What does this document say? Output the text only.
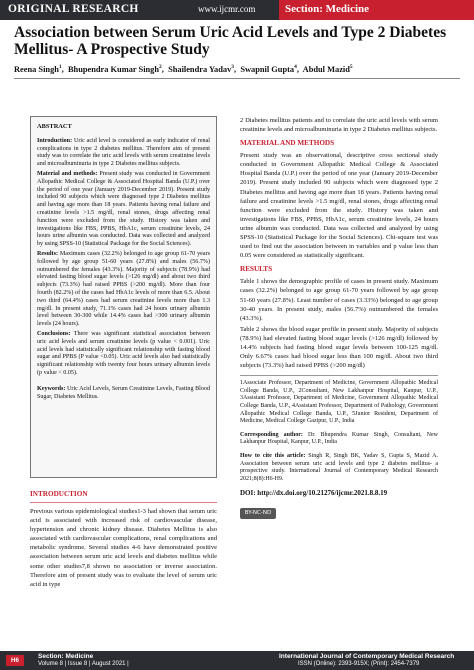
ORIGINAL RESEARCH	www.ijcmr.com	Section: Medicine
Association between Serum Uric Acid Levels and Type 2 Diabetes Mellitus- A Prospective Study
Reena Singh$^1$,  Bhupendra Kumar Singh$^2$,  Shailendra Yadav$^3$,  Swapnil Gupta$^4$,  Abdul Mazid$^5$
ABSTRACT

Introduction: Uric acid level is considered as early indicator of renal complications in type 2 diabetes mellitus. Therefore aim of present study was to correlate the uric acid levels with serum creatinine levels and microalbuminuria in type 2 Diabetes mellitus subjects.

Material and methods: Present study was conducted in Government Allopathic Medical College & Associated Hospital Banda (U.P.) over the period of one year (January 2019-December 2019). Present study included 90 subjects which were diagnosed type 2 Diabetes mellitus and having age more than 18 years. Patients having renal failure and creatinine levels >1.5 mg/dl, renal stones, drugs affecting renal function were excluded from the study. History was taken and investigations like FBS, PPBS, HbA1c, serum creatinine levels, 24 hours urine albumin was conducted. Data was collected and analyzed by using SPSS-10 (Statistical Package for the Social Sciences).

Results: Maximum cases (32.2%) belonged to age group 61-70 years followed by age group 51-60 years (27.8%) and males (56.7%) outnumbered the females (43.3%). Majority of subjects (78.9%) had elevated fasting blood sugar levels (>126 mg/dl) and about two third subjects (73.3%) had raised PPBS (>200 mg/dl). More than four fourth (82.2%) of the cases had HbA1c levels of more than 6.5. About two third (64.4%) cases had serum creatinine levels more than 1.3 mg/dl. In present study, 71.1% cases had 24 hours urinary albumin level between 30-300 while 14.4% cases had >300 urinary albumin levels (24 hours).

Conclusions: There was significant statistical association between uric acid levels and serum creatinine levels (p value < 0.001). Uric acid levels had statistically significant relationship with fasting blood sugar and PPBS (P value <0.05). Uric acid levels also had statistically significant relationship with twenty four hours urinary albumin levels (p value < 0.05).

Keywords: Uric Acid Levels, Serum Creatinine Levels, Fasting Blood Sugar, Diabetes Mellitus.

INTRODUCTION

Previous various epidemiological studies1-3 had shown that serum uric acid is associated with increased risk of cardiovascular disease, hypertension and chronic kidney disease. Diabetes Mellitus is also associated with cardiovascular complications, renal complications and metabolic syndrome. Several studies 4-6 have demonstrated positive association between serum uric acid levels and diabetes mellitus while some other studies7,8 shown no association or inverse association. Therefore aim of present study was to evaluate the level of serum uric acid in type

2 Diabetes mellitus patients and to correlate the uric acid levels with serum creatinine levels and microalbuminuria in type 2 Diabetes mellitus subjects.

MATERIAL AND METHODS

Present study was an observational, descriptive cross sectional study conducted in Government Allopathic Medical College & Associated Hospital Banda (U.P.) over the period of one year (January 2019-December 2019). Present study included 90 subjects which were diagnosed type 2 Diabetes mellitus and having age more than 18 years. Patients having renal failure and creatinine levels >1.5 mg/dl, renal stones, drugs affecting renal function were excluded from the study. History was taken and investigations like FBS, PPBS, HbA1c, serum creatinine levels, 24 hours urine albumin was conducted. Data was collected and analyzed by using SPSS-10 (Statistical Package for the Social Sciences). Chi-square test was used to find out the association between in variables and p value less than 0.05 were considered as statistically significant.

RESULTS

Table 1 shows the demographic profile of cases in present study. Maximum cases (32.2%) belonged to age group 61-70 years followed by age group 51-60 years (27.8%). Least number of cases (3.33%) belonged to age group 30-40 years. In present study, males (56.7%) outnumbered the females (43.3%).

Table 2 shows the blood sugar profile in present study. Majority of subjects (78.9%) had elevated fasting blood sugar levels (>126 mg/dl) followed by 14.4% subjects had fasting blood sugar levels between 100-125 mg/dl. Only 6.67% cases had blood sugar less than 100 mg/dl. About two third subjects (73.3%) had raised PPBS (>200 mg/dl)

1Associate Professor, Department of Medicine, Government Allopathic Medical College Banda, U.P., 2Consultant, New Lakhanpur Hospital, Kanpur, U.P., 3Assistant Professor, Department of Medicine, Government Allopathic Medical College Banda, U.P., 4Assistant Professor, Department of Pathology, Government Allopathic Medical College Banda, U.P., 5Junior Resident, Department of Medicine, Medical College Gazipur, U.P., India

Corresponding author: Dr. Bhupendra Kumar Singh, Consultant, New Lakhanpur Hospital, Kanpur, U.P., India

How to cite this article: Singh R, Singh BK, Yadav S, Gupta S, Mazid A. Association between serum uric acid levels and type 2 diabetes mellitus- a prospective study. International Journal of Contemporary Medical Research 2021;8(8):H6-H9.

DOI: http://dx.doi.org/10.21276/ijcmr.2021.8.8.19
BY-NC-ND
H6
Section: Medicine
Volume 8 | Issue 8 | August 2021 |
International Journal of Contemporary Medical Research
ISSN (Online): 2393-915X; (Print): 2454-7379
